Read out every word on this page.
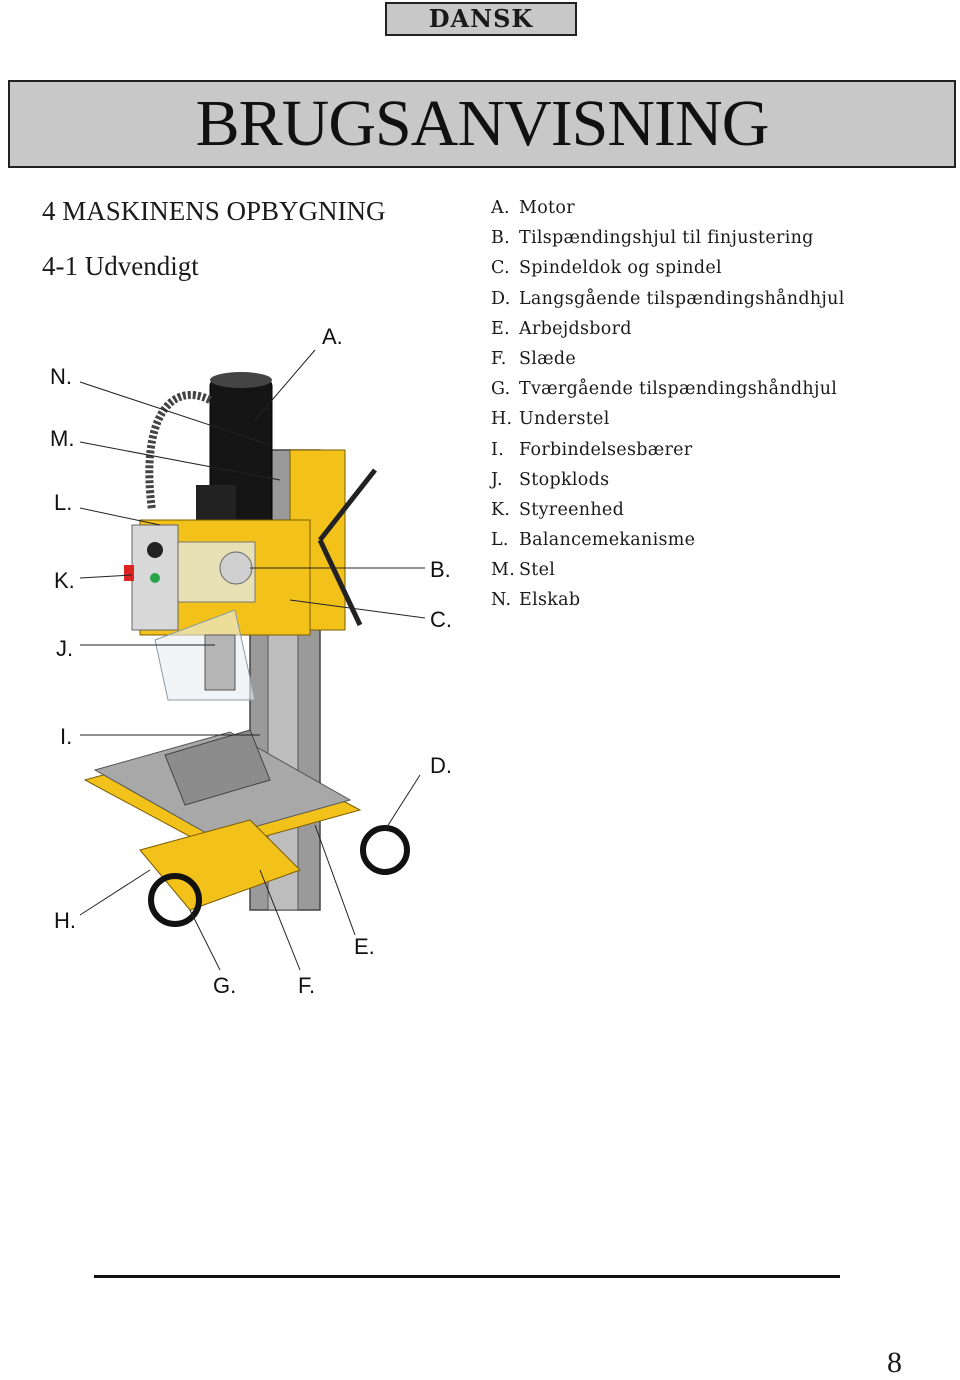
DANSK
BRUGSANVISNING
4 MASKINENS OPBYGNING
4-1 Udvendigt
A. Motor
B. Tilspændingshjul til finjustering
C. Spindeldok og spindel
D. Langsgående tilspændingshåndhjul
E. Arbejdsbord
F. Slæde
G. Tværgående tilspændingshåndhjul
H. Understel
I. Forbindelsesbærer
J. Stopklods
K. Styreenhed
L. Balancemekanisme
M. Stel
N. Elskab
A.
N.
M.
L.
K.
J.
B.
C.
I.
D.
H.
E.
G.	F.
8
